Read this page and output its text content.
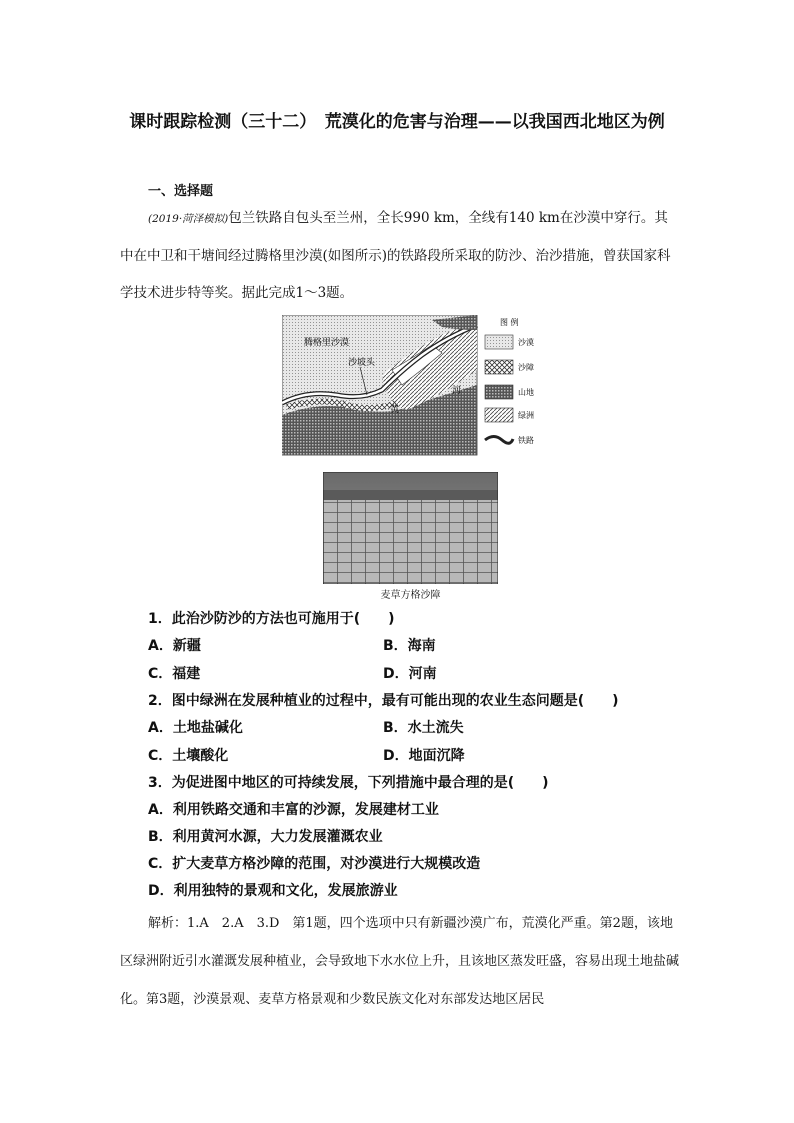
课时跟踪检测（三十二）　荒漠化的危害与治理——以我国西北地区为例
一、选择题
(2019·菏泽模拟)包兰铁路自包头至兰州，全长990 km，全线有140 km在沙漠中穿行。其中在中卫和干塘间经过腾格里沙漠(如图所示)的铁路段所采取的防沙、治沙措施，曾获国家科学技术进步特等奖。据此完成1～3题。
腾格里沙漠
沙坡头
黄
河
图 例
沙漠
沙障
山地
绿洲
铁路
麦草方格沙障
1．此治沙防沙的方法也可施用于(　　)
A．新疆	B．海南
C．福建	D．河南
2．图中绿洲在发展种植业的过程中，最有可能出现的农业生态问题是(　　)
A．土地盐碱化	B．水土流失
C．土壤酸化	D．地面沉降
3．为促进图中地区的可持续发展，下列措施中最合理的是(　　)
A．利用铁路交通和丰富的沙源，发展建材工业
B．利用黄河水源，大力发展灌溉农业
C．扩大麦草方格沙障的范围，对沙漠进行大规模改造
D．利用独特的景观和文化，发展旅游业
解析：1.A　2.A　3.D　第1题，四个选项中只有新疆沙漠广布，荒漠化严重。第2题，该地区绿洲附近引水灌溉发展种植业，会导致地下水水位上升，且该地区蒸发旺盛，容易出现土地盐碱化。第3题，沙漠景观、麦草方格景观和少数民族文化对东部发达地区居民
